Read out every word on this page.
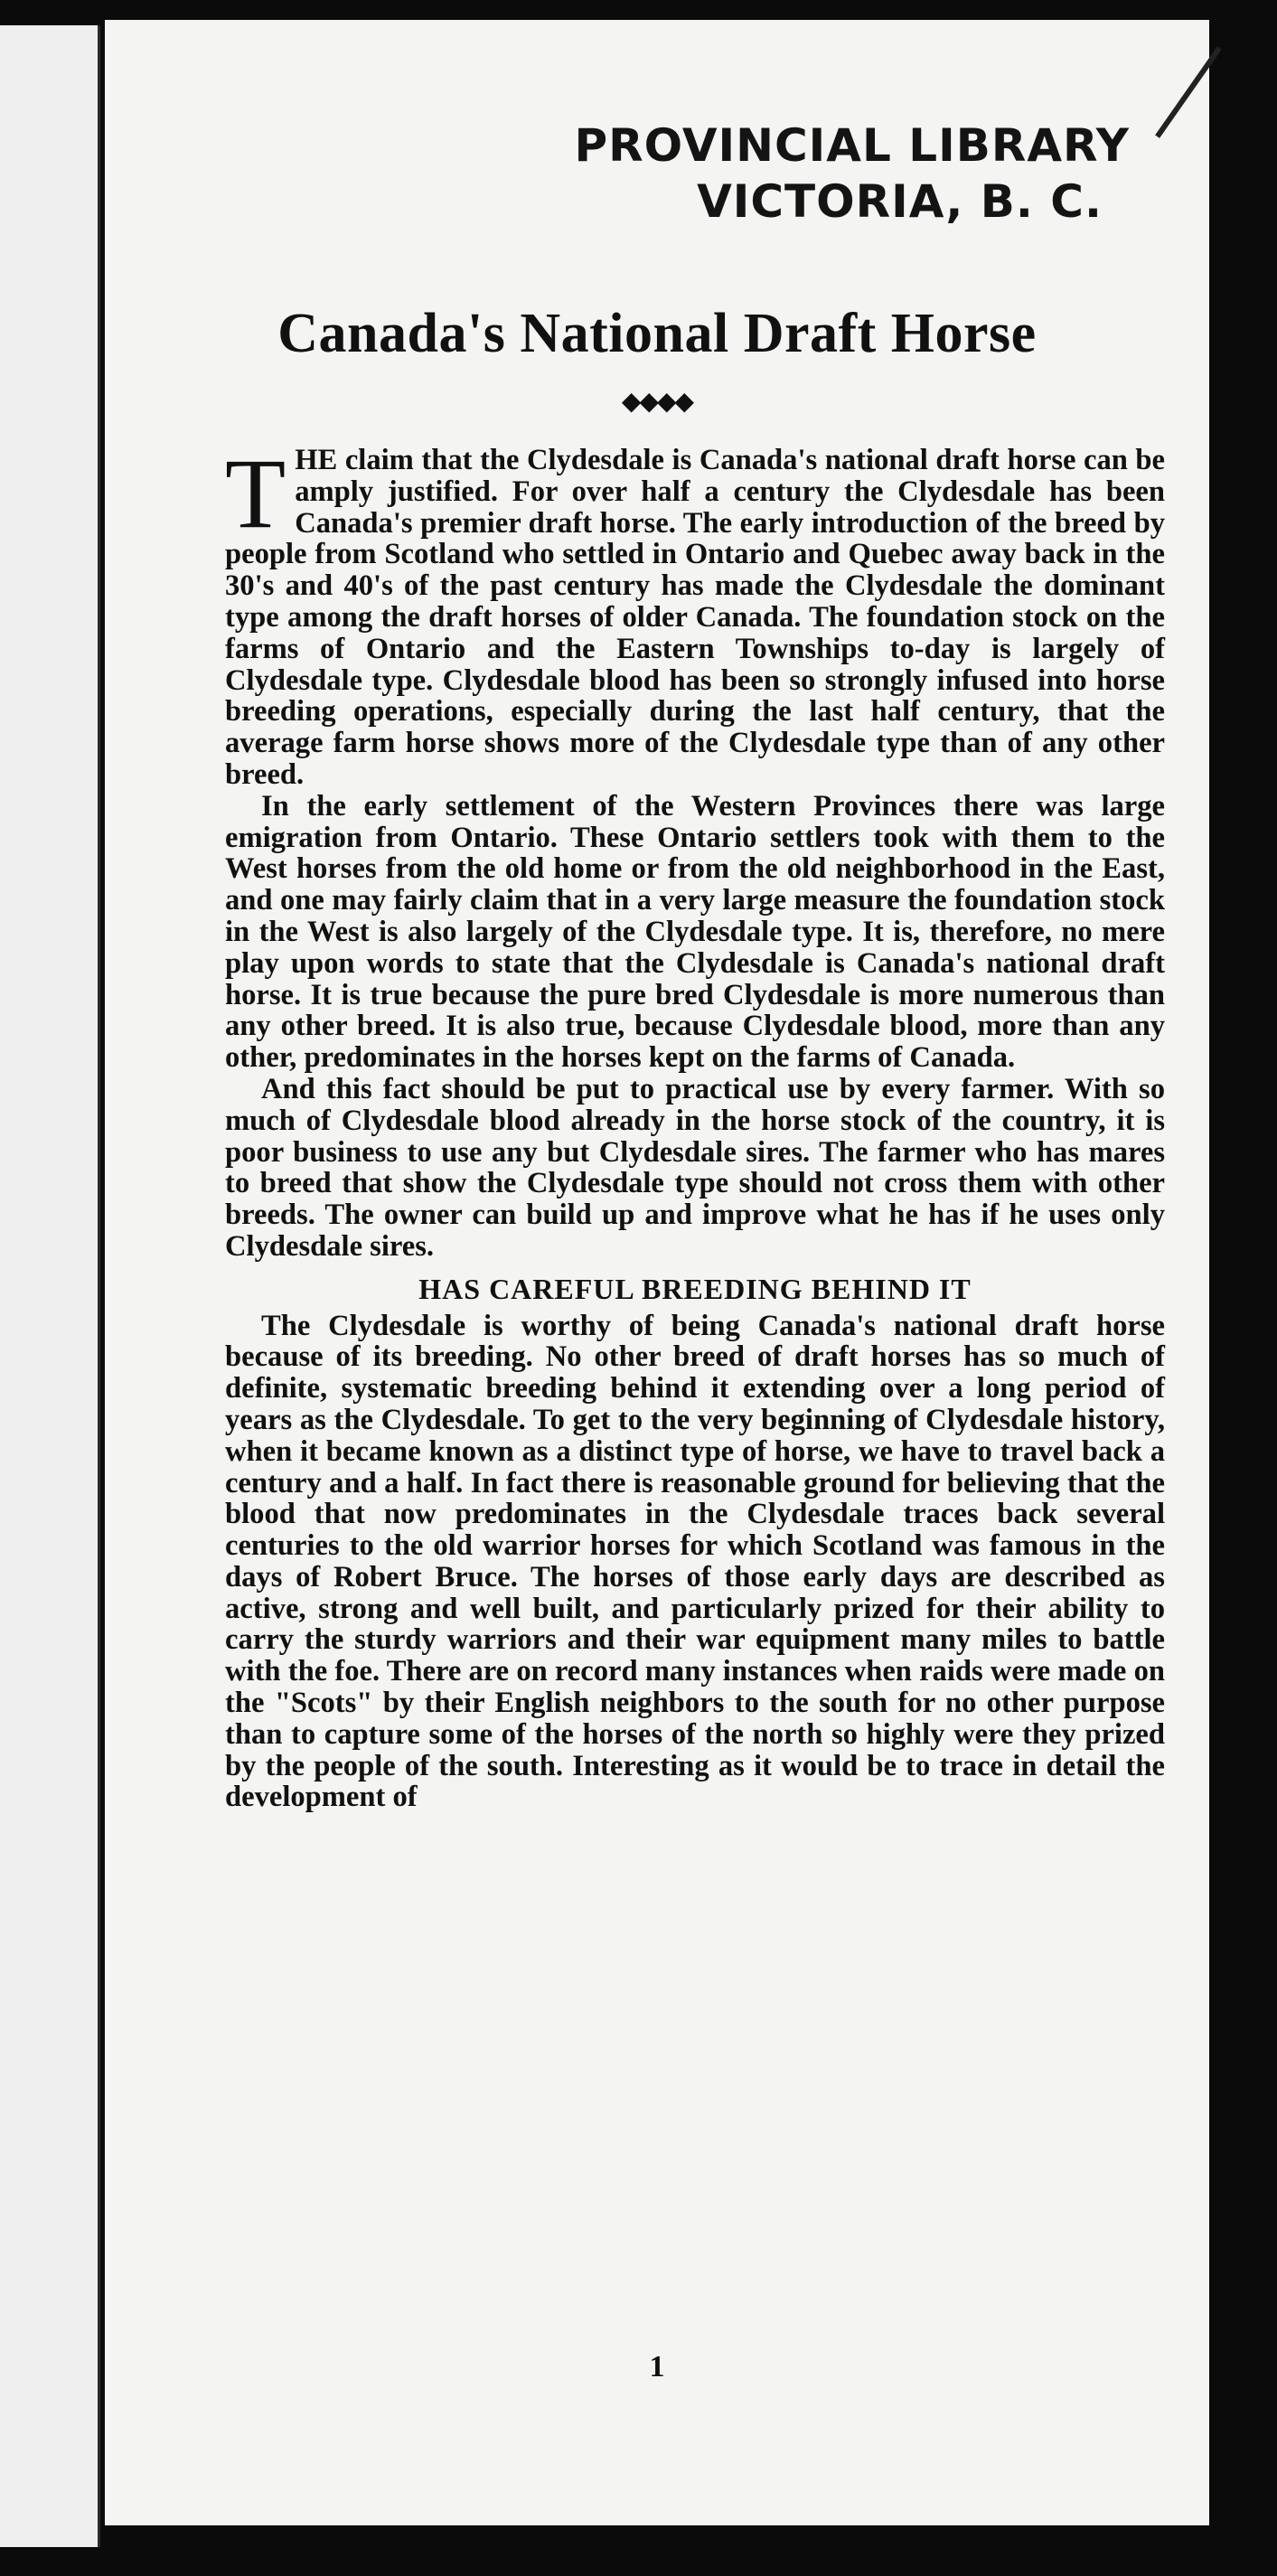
PROVINCIAL LIBRARY
VICTORIA, B. C.
Canada's National Draft Horse
◆◆◆◆

THE claim that the Clydesdale is Canada's national draft horse can be amply justified. For over half a century the Clydesdale has been Canada's premier draft horse. The early introduction of the breed by people from Scotland who settled in Ontario and Quebec away back in the 30's and 40's of the past century has made the Clydesdale the dominant type among the draft horses of older Canada. The foundation stock on the farms of Ontario and the Eastern Townships to-day is largely of Clydesdale type. Clydesdale blood has been so strongly infused into horse breeding operations, especially during the last half century, that the average farm horse shows more of the Clydesdale type than of any other breed.

In the early settlement of the Western Provinces there was large emigration from Ontario. These Ontario settlers took with them to the West horses from the old home or from the old neighborhood in the East, and one may fairly claim that in a very large measure the foundation stock in the West is also largely of the Clydesdale type. It is, therefore, no mere play upon words to state that the Clydesdale is Canada's national draft horse. It is true because the pure bred Clydesdale is more numerous than any other breed. It is also true, because Clydesdale blood, more than any other, predominates in the horses kept on the farms of Canada.

And this fact should be put to practical use by every farmer. With so much of Clydesdale blood already in the horse stock of the country, it is poor business to use any but Clydesdale sires. The farmer who has mares to breed that show the Clydesdale type should not cross them with other breeds. The owner can build up and improve what he has if he uses only Clydesdale sires.

HAS CAREFUL BREEDING BEHIND IT

The Clydesdale is worthy of being Canada's national draft horse because of its breeding. No other breed of draft horses has so much of definite, systematic breeding behind it extending over a long period of years as the Clydesdale. To get to the very beginning of Clydesdale history, when it became known as a distinct type of horse, we have to travel back a century and a half. In fact there is reasonable ground for believing that the blood that now predominates in the Clydesdale traces back several centuries to the old warrior horses for which Scotland was famous in the days of Robert Bruce. The horses of those early days are described as active, strong and well built, and particularly prized for their ability to carry the sturdy warriors and their war equipment many miles to battle with the foe. There are on record many instances when raids were made on the "Scots" by their English neighbors to the south for no other purpose than to capture some of the horses of the north so highly were they prized by the people of the south. Interesting as it would be to trace in detail the development of

1
